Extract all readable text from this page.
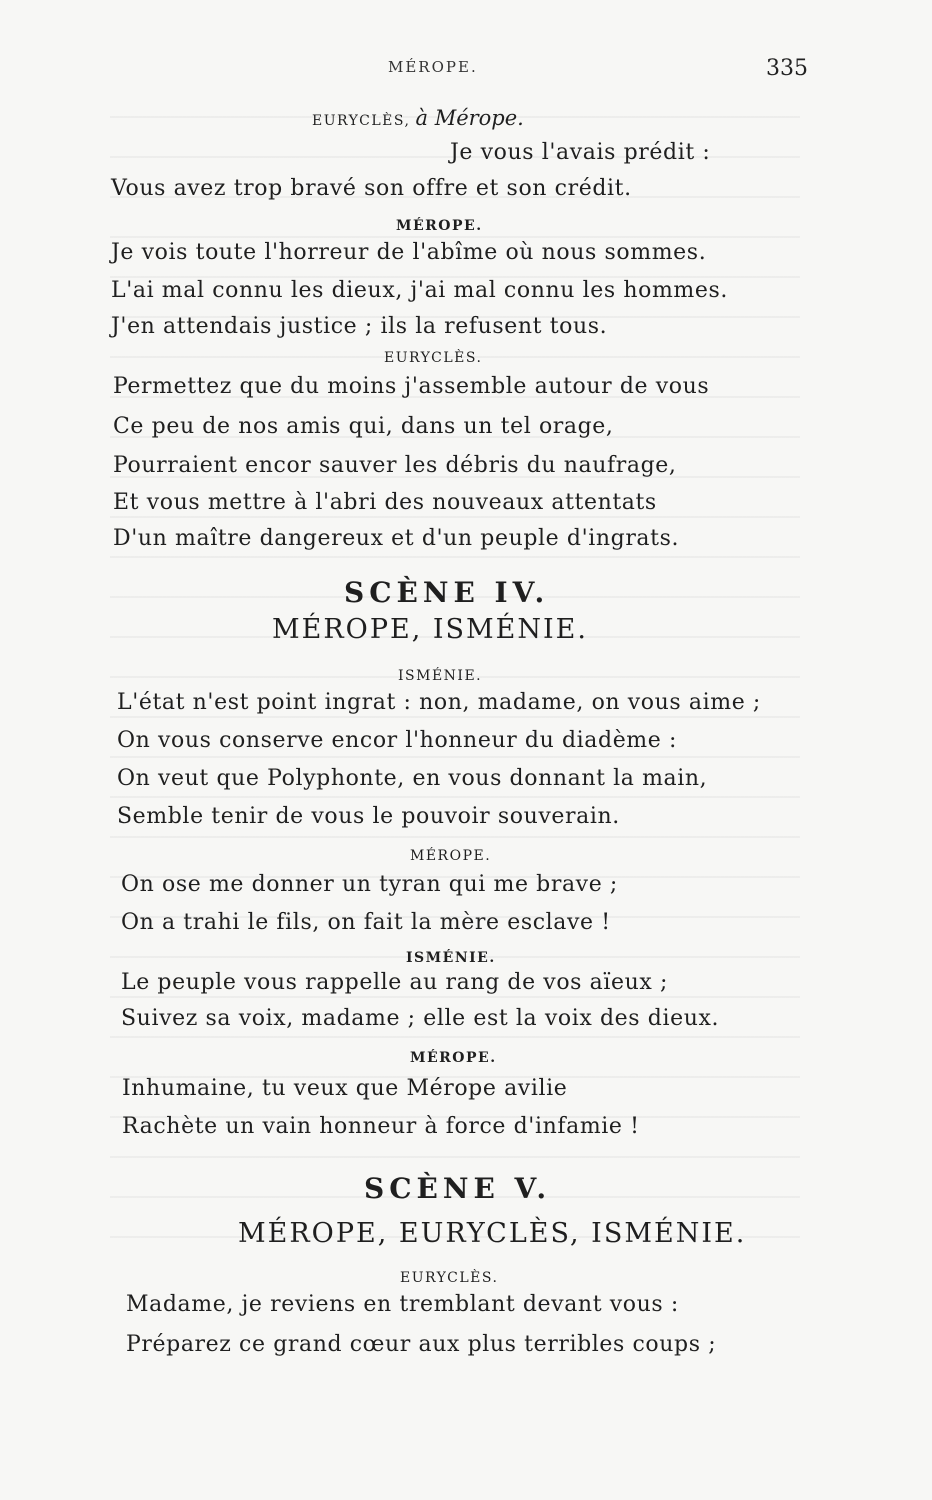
MÉROPE.	335
EURYCLÈS, à Mérope.
Je vous l'avais prédit :
Vous avez trop bravé son offre et son crédit.
MÉROPE.
Je vois toute l'horreur de l'abîme où nous sommes.
L'ai mal connu les dieux, j'ai mal connu les hommes.
J'en attendais justice ; ils la refusent tous.
EURYCLÈS.
Permettez que du moins j'assemble autour de vous
Ce peu de nos amis qui, dans un tel orage,
Pourraient encor sauver les débris du naufrage,
Et vous mettre à l'abri des nouveaux attentats
D'un maître dangereux et d'un peuple d'ingrats.
SCÈNE IV.
MÉROPE, ISMÉNIE.
ISMÉNIE.
L'état n'est point ingrat : non, madame, on vous aime ;
On vous conserve encor l'honneur du diadème :
On veut que Polyphonte, en vous donnant la main,
Semble tenir de vous le pouvoir souverain.
MÉROPE.
On ose me donner un tyran qui me brave ;
On a trahi le fils, on fait la mère esclave !
ISMÉNIE.
Le peuple vous rappelle au rang de vos aïeux ;
Suivez sa voix, madame ; elle est la voix des dieux.
MÉROPE.
Inhumaine, tu veux que Mérope avilie
Rachète un vain honneur à force d'infamie !
SCÈNE V.
MÉROPE, EURYCLÈS, ISMÉNIE.
EURYCLÈS.
Madame, je reviens en tremblant devant vous :
Préparez ce grand cœur aux plus terribles coups ;
